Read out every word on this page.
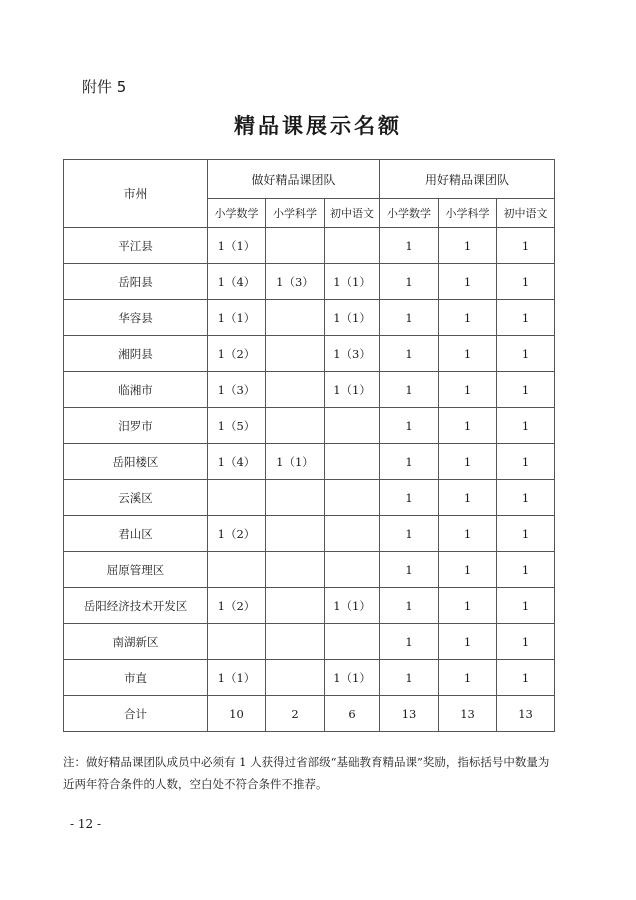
附件 5
精品课展示名额
市州	做好精品课团队			用好精品课团队		
	小学数学	小学科学	初中语文	小学数学	小学科学	初中语文
平江县	1（1）			1	1	1
岳阳县	1（4）	1（3）	1（1）	1	1	1
华容县	1（1）		1（1）	1	1	1
湘阴县	1（2）		1（3）	1	1	1
临湘市	1（3）		1（1）	1	1	1
汨罗市	1（5）			1	1	1
岳阳楼区	1（4）	1（1）		1	1	1
云溪区				1	1	1
君山区	1（2）			1	1	1
屈原管理区				1	1	1
岳阳经济技术开发区	1（2）		1（1）	1	1	1
南湖新区				1	1	1
市直	1（1）		1（1）	1	1	1
合计	10	2	6	13	13	13
注：做好精品课团队成员中必须有 1 人获得过省部级“基础教育精品课”奖励，指标括号中数量为近两年符合条件的人数，空白处不符合条件不推荐。
- 12 -
